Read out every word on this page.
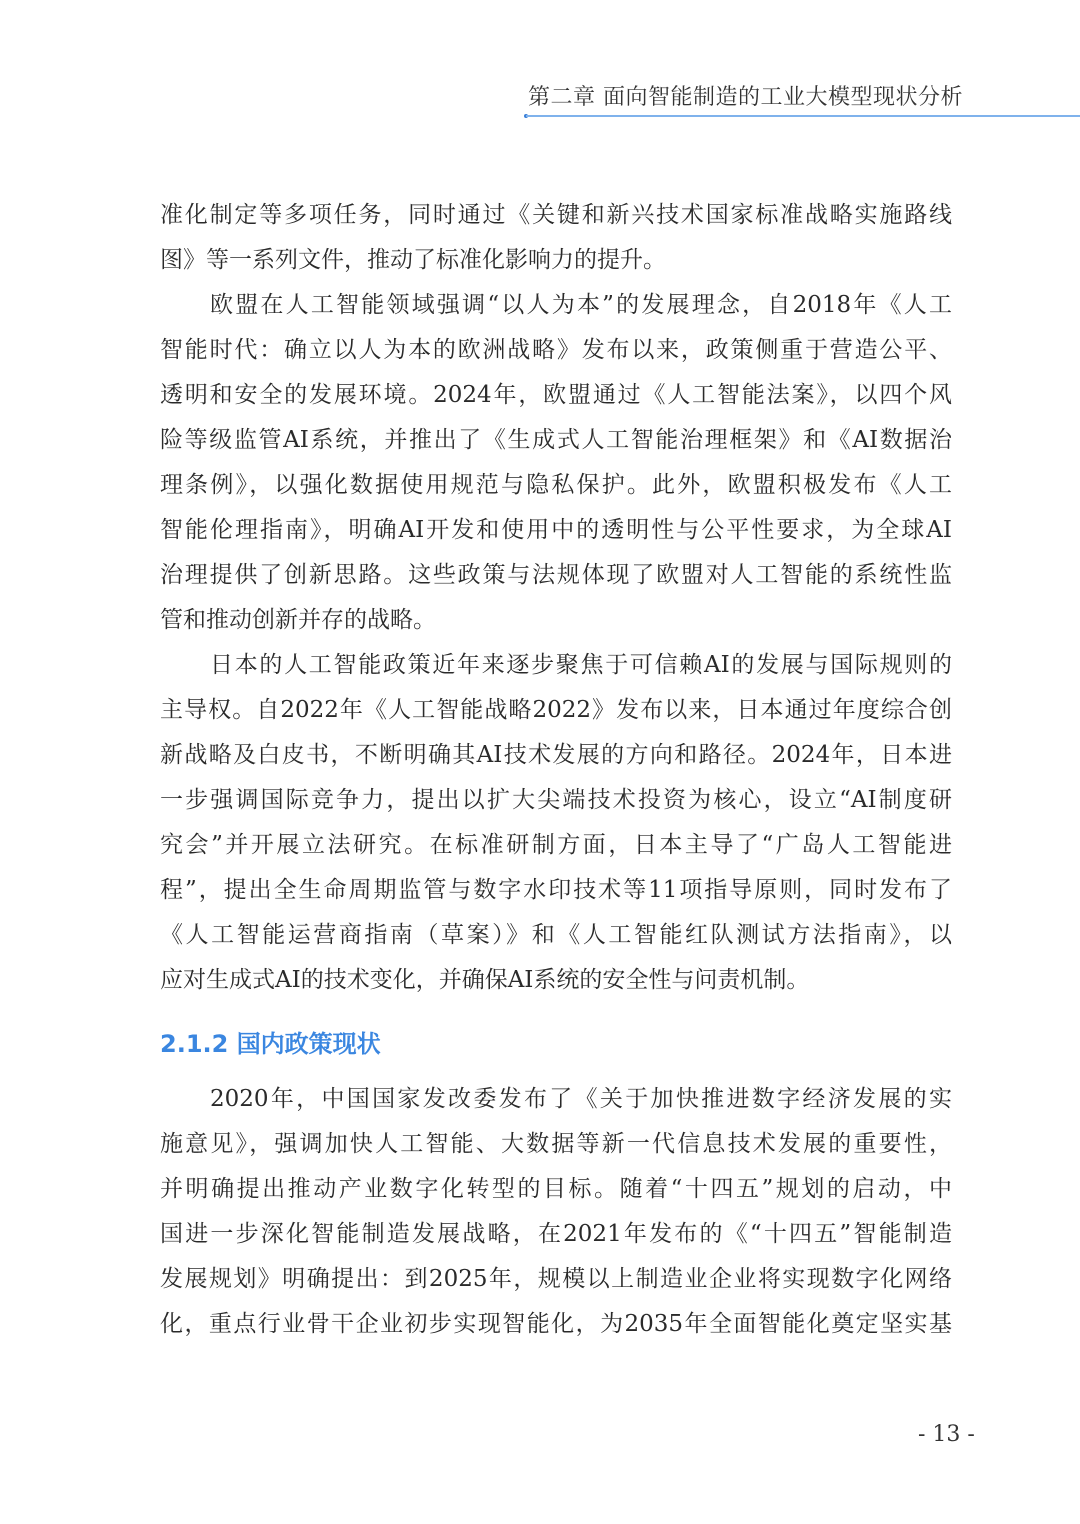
第二章 面向智能制造的工业大模型现状分析
准化制定等多项任务，同时通过《关键和新兴技术国家标准战略实施路线
图》等一系列文件，推动了标准化影响力的提升。
欧盟在人工智能领域强调“以人为本”的发展理念，自2018年《人工
智能时代：确立以人为本的欧洲战略》发布以来，政策侧重于营造公平、
透明和安全的发展环境。2024年，欧盟通过《人工智能法案》，以四个风
险等级监管AI系统，并推出了《生成式人工智能治理框架》和《AI数据治
理条例》，以强化数据使用规范与隐私保护。此外，欧盟积极发布《人工
智能伦理指南》，明确AI开发和使用中的透明性与公平性要求，为全球AI
治理提供了创新思路。这些政策与法规体现了欧盟对人工智能的系统性监
管和推动创新并存的战略。
日本的人工智能政策近年来逐步聚焦于可信赖AI的发展与国际规则的
主导权。自2022年《人工智能战略2022》发布以来，日本通过年度综合创
新战略及白皮书，不断明确其AI技术发展的方向和路径。2024年，日本进
一步强调国际竞争力，提出以扩大尖端技术投资为核心，设立“AI制度研
究会”并开展立法研究。在标准研制方面，日本主导了“广岛人工智能进
程”，提出全生命周期监管与数字水印技术等11项指导原则，同时发布了
《人工智能运营商指南（草案）》和《人工智能红队测试方法指南》，以
应对生成式AI的技术变化，并确保AI系统的安全性与问责机制。
2.1.2 国内政策现状
2020年，中国国家发改委发布了《关于加快推进数字经济发展的实
施意见》，强调加快人工智能、大数据等新一代信息技术发展的重要性，
并明确提出推动产业数字化转型的目标。随着“十四五”规划的启动，中
国进一步深化智能制造发展战略，在2021年发布的《“十四五”智能制造
发展规划》明确提出：到2025年，规模以上制造业企业将实现数字化网络
化，重点行业骨干企业初步实现智能化，为2035年全面智能化奠定坚实基
- 13 -
